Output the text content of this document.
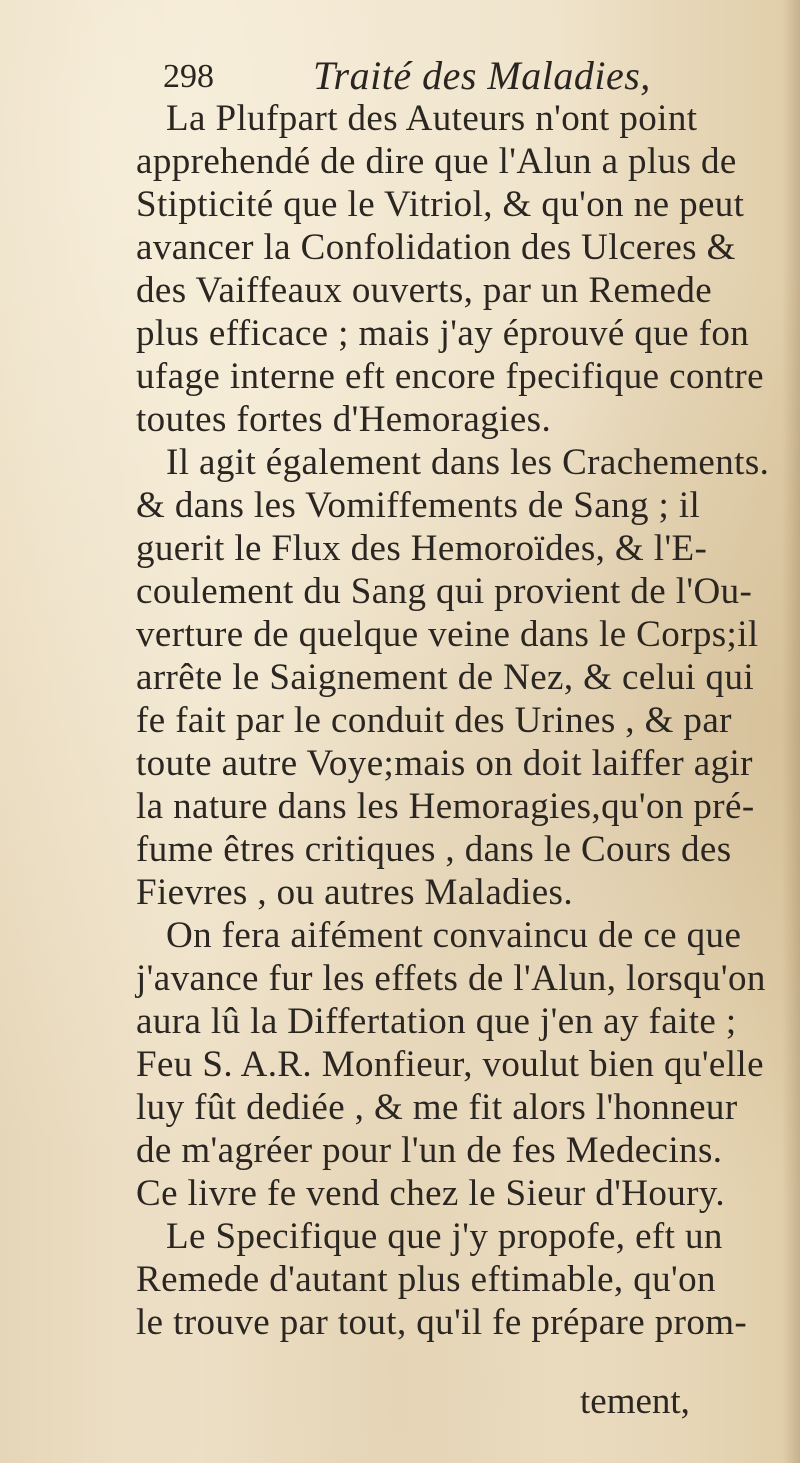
298 Traité des Maladies,
La Plufpart des Auteurs n'ont point
apprehendé de dire que l'Alun a plus de
Stipticité que le Vitriol, & qu'on ne peut
avancer la Confolidation des Ulceres &
des Vaiffeaux ouverts, par un Remede
plus efficace ; mais j'ay éprouvé que fon
ufage interne eft encore fpecifique contre
toutes fortes d'Hemoragies.
Il agit également dans les Crachements.
& dans les Vomiffements de Sang ; il
guerit le Flux des Hemoroïdes, & l'E-
coulement du Sang qui provient de l'Ou-
verture de quelque veine dans le Corps;il
arrête le Saignement de Nez, & celui qui
fe fait par le conduit des Urines , & par
toute autre Voye;mais on doit laiffer agir
la nature dans les Hemoragies,qu'on pré-
fume êtres critiques , dans le Cours des
Fievres , ou autres Maladies.
On fera aifément convaincu de ce que
j'avance fur les effets de l'Alun, lorsqu'on
aura lû la Differtation que j'en ay faite ;
Feu S. A.R. Monfieur, voulut bien qu'elle
luy fût dediée , & me fit alors l'honneur
de m'agréer pour l'un de fes Medecins.
Ce livre fe vend chez le Sieur d'Houry.
Le Specifique que j'y propofe, eft un
Remede d'autant plus eftimable, qu'on
le trouve par tout, qu'il fe prépare prom-
tement,
